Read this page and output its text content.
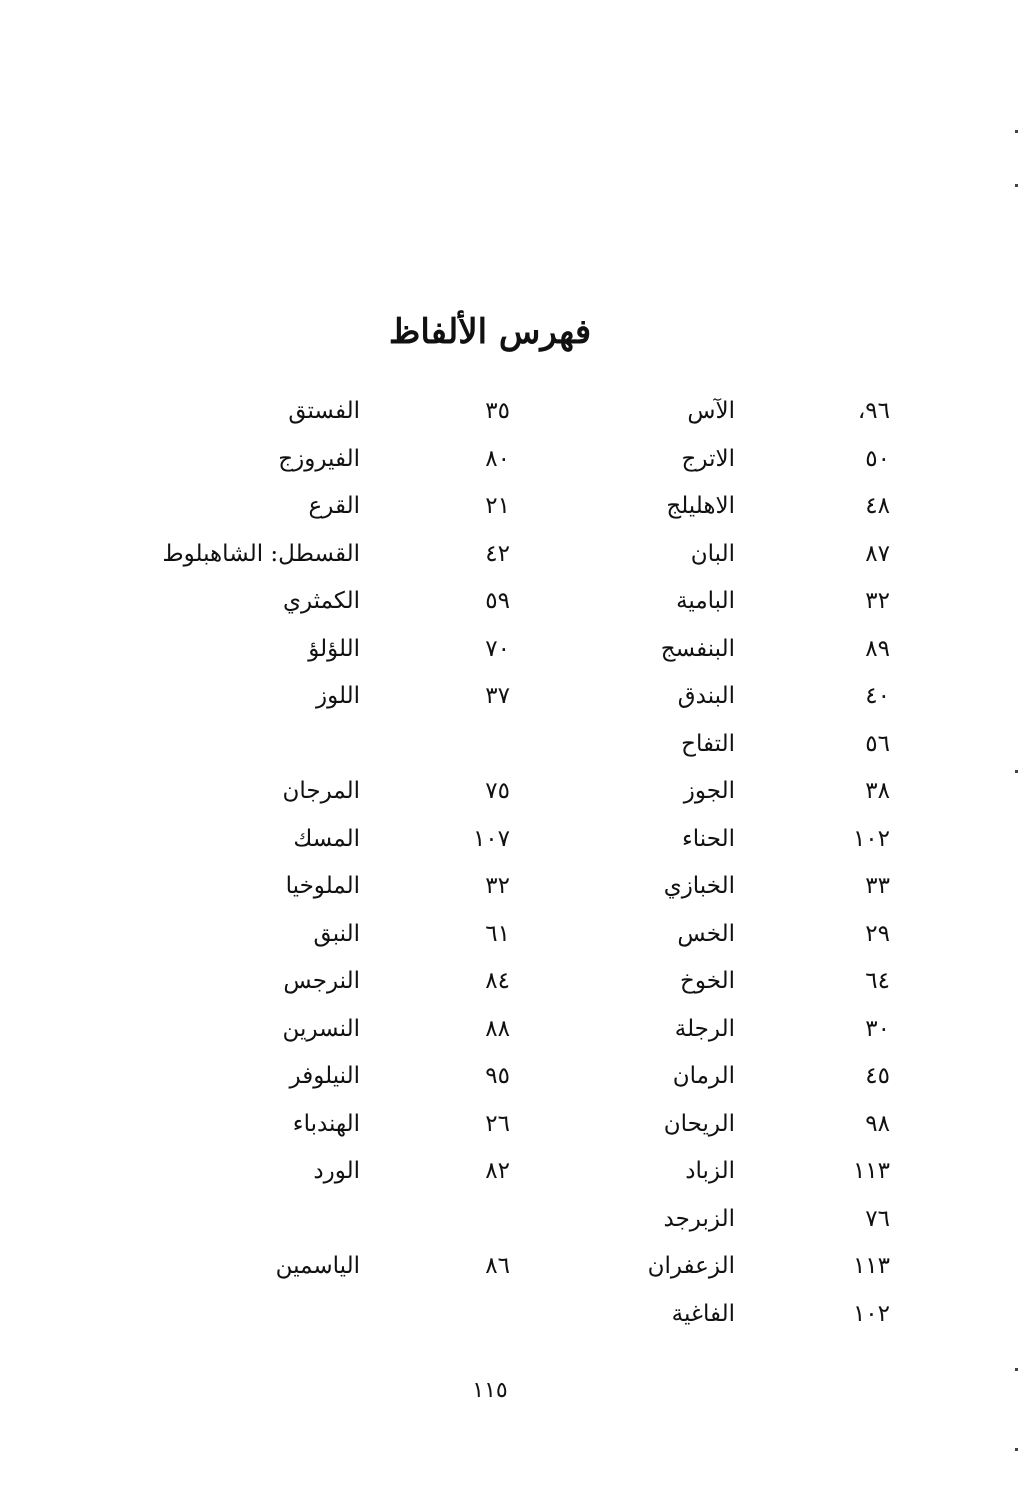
فهرس الألفاظ
٩٦،
الآس
٥٠
الاترج
٤٨
الاهليلج
٨٧
البان
٣٢
البامية
٨٩
البنفسج
٤٠
البندق
٥٦
التفاح
٣٨
الجوز
١٠٢
الحناء
٣٣
الخبازي
٢٩
الخس
٦٤
الخوخ
٣٠
الرجلة
٤٥
الرمان
٩٨
الريحان
١١٣
الزباد
٧٦
الزبرجد
١١٣
الزعفران
١٠٢
الفاغية
٣٥
الفستق
٨٠
الفيروزج
٢١
القرع
٤٢
القسطل: الشاهبلوط
٥٩
الكمثري
٧٠
اللؤلؤ
٣٧
اللوز
٧٥
المرجان
١٠٧
المسك
٣٢
الملوخيا
٦١
النبق
٨٤
النرجس
٨٨
النسرين
٩٥
النيلوفر
٢٦
الهندباء
٨٢
الورد
٨٦
الياسمين
١١٥
